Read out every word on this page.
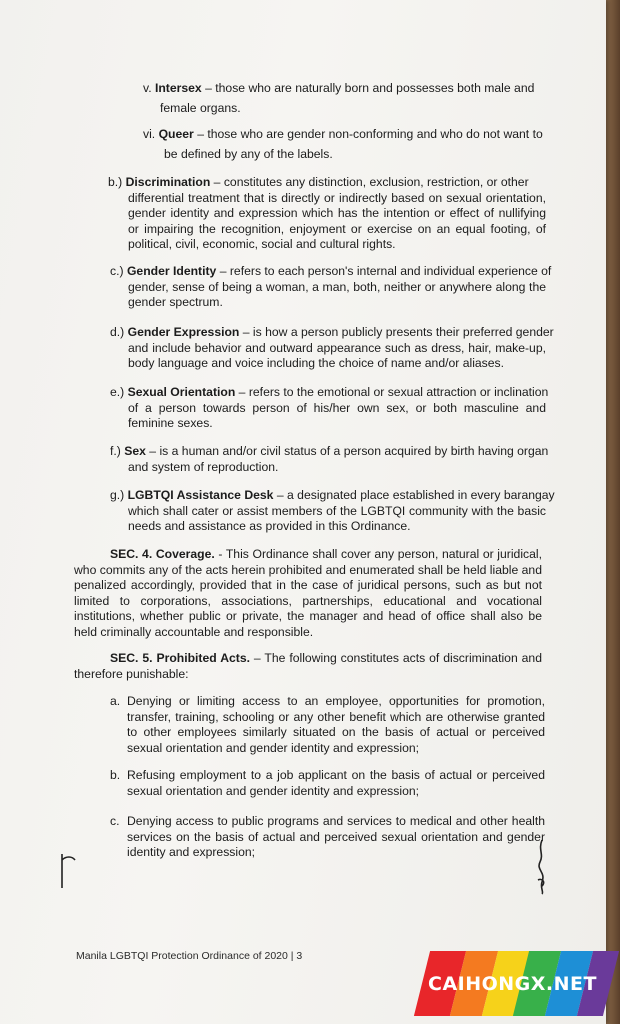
v. Intersex – those who are naturally born and possesses both male and
female organs.
vi. Queer – those who are gender non-conforming and who do not want to
be defined by any of the labels.
b.) Discrimination – constitutes any distinction, exclusion, restriction, or other
differential treatment that is directly or indirectly based on sexual orientation, gender identity and expression which has the intention or effect of nullifying or impairing the recognition, enjoyment or exercise on an equal footing, of political, civil, economic, social and cultural rights.
c.) Gender Identity – refers to each person's internal and individual experience of
gender, sense of being a woman, a man, both, neither or anywhere along the gender spectrum.
d.) Gender Expression – is how a person publicly presents their preferred gender
and include behavior and outward appearance such as dress, hair, make-up, body language and voice including the choice of name and/or aliases.
e.) Sexual Orientation – refers to the emotional or sexual attraction or inclination
of a person towards person of his/her own sex, or both masculine and feminine sexes.
f.) Sex – is a human and/or civil status of a person acquired by birth having organ
and system of reproduction.
g.) LGBTQI Assistance Desk – a designated place established in every barangay
which shall cater or assist members of the LGBTQI community with the basic needs and assistance as provided in this Ordinance.
SEC. 4. Coverage. - This Ordinance shall cover any person, natural or juridical, who commits any of the acts herein prohibited and enumerated shall be held liable and penalized accordingly, provided that in the case of juridical persons, such as but not limited to corporations, associations, partnerships, educational and vocational institutions, whether public or private, the manager and head of office shall also be held criminally accountable and responsible.
SEC. 5. Prohibited Acts. – The following constitutes acts of discrimination and therefore punishable:
a. Denying or limiting access to an employee, opportunities for promotion, transfer, training, schooling or any other benefit which are otherwise granted to other employees similarly situated on the basis of actual or perceived sexual orientation and gender identity and expression;
b. Refusing employment to a job applicant on the basis of actual or perceived sexual orientation and gender identity and expression;
c. Denying access to public programs and services to medical and other health services on the basis of actual and perceived sexual orientation and gender identity and expression;
Manila LGBTQI Protection Ordinance of 2020 | 3
CAIHONGX.NET
